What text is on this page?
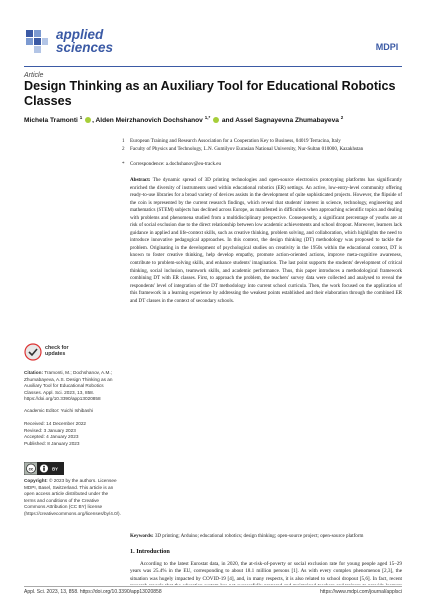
applied
sciences	MDPI
Article
Design Thinking as an Auxiliary Tool for Educational Robotics Classes
Michela Tramonti $^1$ , Alden Meirzhanovich Dochshanov $^{1,*}$  and Assel Sagnayevna Zhumabayeva $^2$
1 European Training and Research Association for a Cooperation Key to Business, 04019 Terracina, Italy
2 Faculty of Physics and Technology, L.N. Gumilyov Eurasian National University, Nur-Sultan 010000, Kazakhstan
* Correspondence: a.dochshanov@eu-track.eu
Abstract: The dynamic spread of 3D printing technologies and open-source electronics prototyping platforms has significantly enriched the diversity of instruments used within educational robotics (ER) settings. An active, low-entry-level community offering ready-to-use libraries for a broad variety of devices assists in the development of quite sophisticated projects. However, the flipside of the coin is represented by the current research findings, which reveal that students' interest in science, technology, engineering and mathematics (STEM) subjects has declined across Europe, as manifested in difficulties when approaching scientific topics and dealing with problems and phenomena studied from a multidisciplinary perspective. Consequently, a significant percentage of youths are at risk of social exclusion due to the direct relationship between low academic achievements and school dropout. Moreover, learners lack guidance in applied and life-context skills, such as creative thinking, problem solving, and collaboration, which highlights the need to introduce innovative pedagogical approaches. In this context, the design thinking (DT) methodology was proposed to tackle the problem. Originating in the development of psychological studies on creativity in the 1950s within the educational context, DT is known to foster creative thinking, help develop empathy, promote action-oriented actions, improve meta-cognitive awareness, contribute to problem-solving skills, and enhance students' imagination. The last point supports the students' development of critical thinking, social inclusion, teamwork skills, and academic performance. Thus, this paper introduces a methodological framework combining DT with ER classes. First, to approach the problem, the teachers' survey data were collected and analysed to reveal the respondents' level of integration of the DT methodology into current school curricula. Then, the work focused on the application of this framework in a learning experience by addressing the weakest points established and their elaboration through the combined ER and DT classes in the context of secondary schools.
check for
updates
Citation: Tramonti, M.; Dochshanov, A.M.; Zhumabayeva, A.S. Design Thinking as an Auxiliary Tool for Educational Robotics Classes. Appl. Sci. 2023, 13, 858. https://doi.org/10.3390/app13020858
Academic Editor: Yuichi Ishibashi
Received: 14 December 2022
Revised: 3 January 2023
Accepted: 4 January 2023
Published: 8 January 2023
cc	BY
Copyright: © 2023 by the authors. Licensee MDPI, Basel, Switzerland. This article is an open access article distributed under the terms and conditions of the Creative Commons Attribution (CC BY) license (https://creativecommons.org/licenses/by/4.0/).
Keywords: 3D printing; Arduino; educational robotics; design thinking; open-source project; open-source platform
1. Introduction
According to the latest Eurostat data, in 2020, the at-risk-of-poverty or social exclusion rate for young people aged 15–29 years was 25.4% in the EU, corresponding to about 18.1 million persons [1]. As with every complex phenomenon [2,3], the situation was hugely impacted by COVID-19 [4], and, in many respects, it is also related to school dropout [5,6]. In fact, recent
Appl. Sci. 2023, 13, 858. https://doi.org/10.3390/app13020858	https://www.mdpi.com/journal/applsci
